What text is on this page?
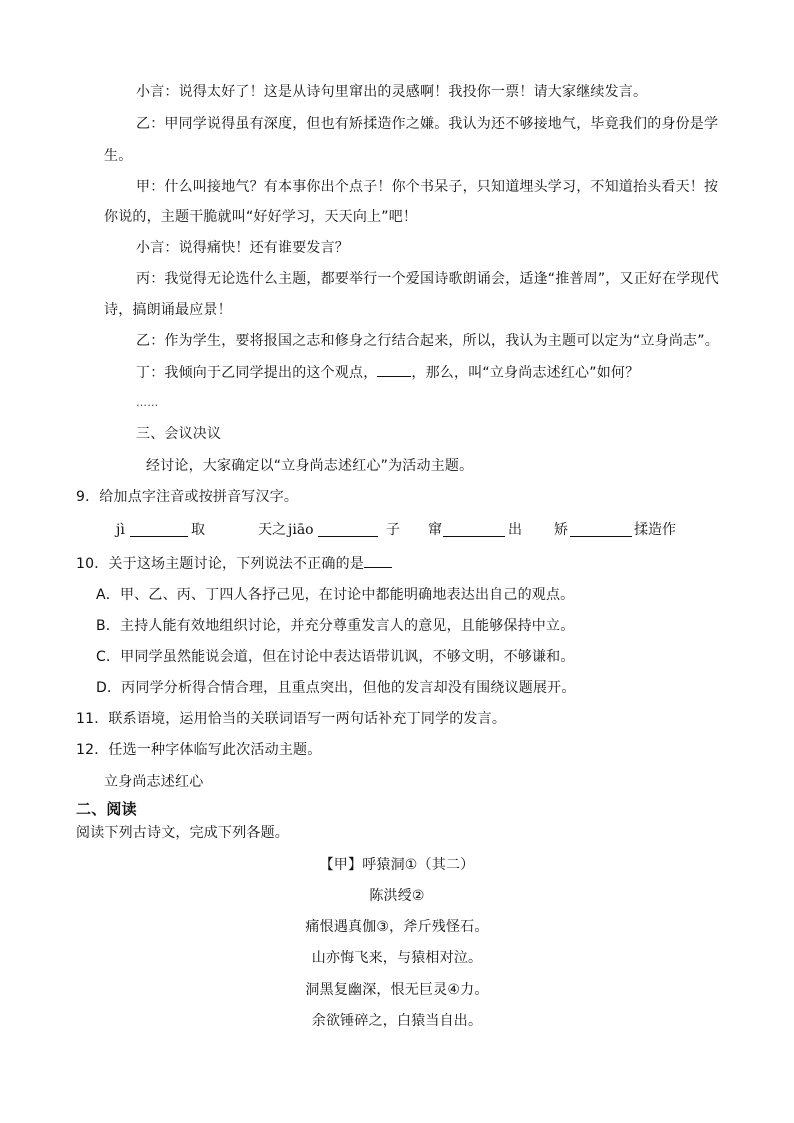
小言：说得太好了！这是从诗句里窜出的灵感啊！我投你一票！请大家继续发言。
乙：甲同学说得虽有深度，但也有矫揉造作之嫌。我认为还不够接地气，毕竟我们的身份是学
生。
甲：什么叫接地气？有本事你出个点子！你个书呆子，只知道埋头学习，不知道抬头看天！按
你说的，主题干脆就叫“好好学习，天天向上”吧！
小言：说得痛快！还有谁要发言？
丙：我觉得无论选什么主题，都要举行一个爱国诗歌朗诵会，适逢“推普周”，又正好在学现代
诗，搞朗诵最应景！
乙：作为学生，要将报国之志和修身之行结合起来，所以，我认为主题可以定为“立身尚志”。
丁：我倾向于乙同学提出的这个观点， ，那么，叫“立身尚志述红心”如何？
……
三、会议决议
经讨论，大家确定以“立身尚志述红心”为活动主题。
9．给加点字注音或按拼音写汉字。
jì	取	天之 jiāo	子 窜	出 矫	揉造作
10．关于这场主题讨论，下列说法不正确的是
A．甲、乙、丙、丁四人各抒己见，在讨论中都能明确地表达出自己的观点。
B．主持人能有效地组织讨论，并充分尊重发言人的意见，且能够保持中立。
C．甲同学虽然能说会道，但在讨论中表达语带讥讽，不够文明，不够谦和。
D．丙同学分析得合情合理，且重点突出，但他的发言却没有围绕议题展开。
11．联系语境，运用恰当的关联词语写一两句话补充丁同学的发言。
12．任选一种字体临写此次活动主题。
立身尚志述红心
二、阅读
阅读下列古诗文，完成下列各题。
【甲】呼猿洞①（其二）
陈洪绶②
痛恨遇真伽③，斧斤残怪石。
山亦悔飞来，与猿相对泣。
洞黑复幽深，恨无巨灵④力。
余欲锤碎之，白猿当自出。
